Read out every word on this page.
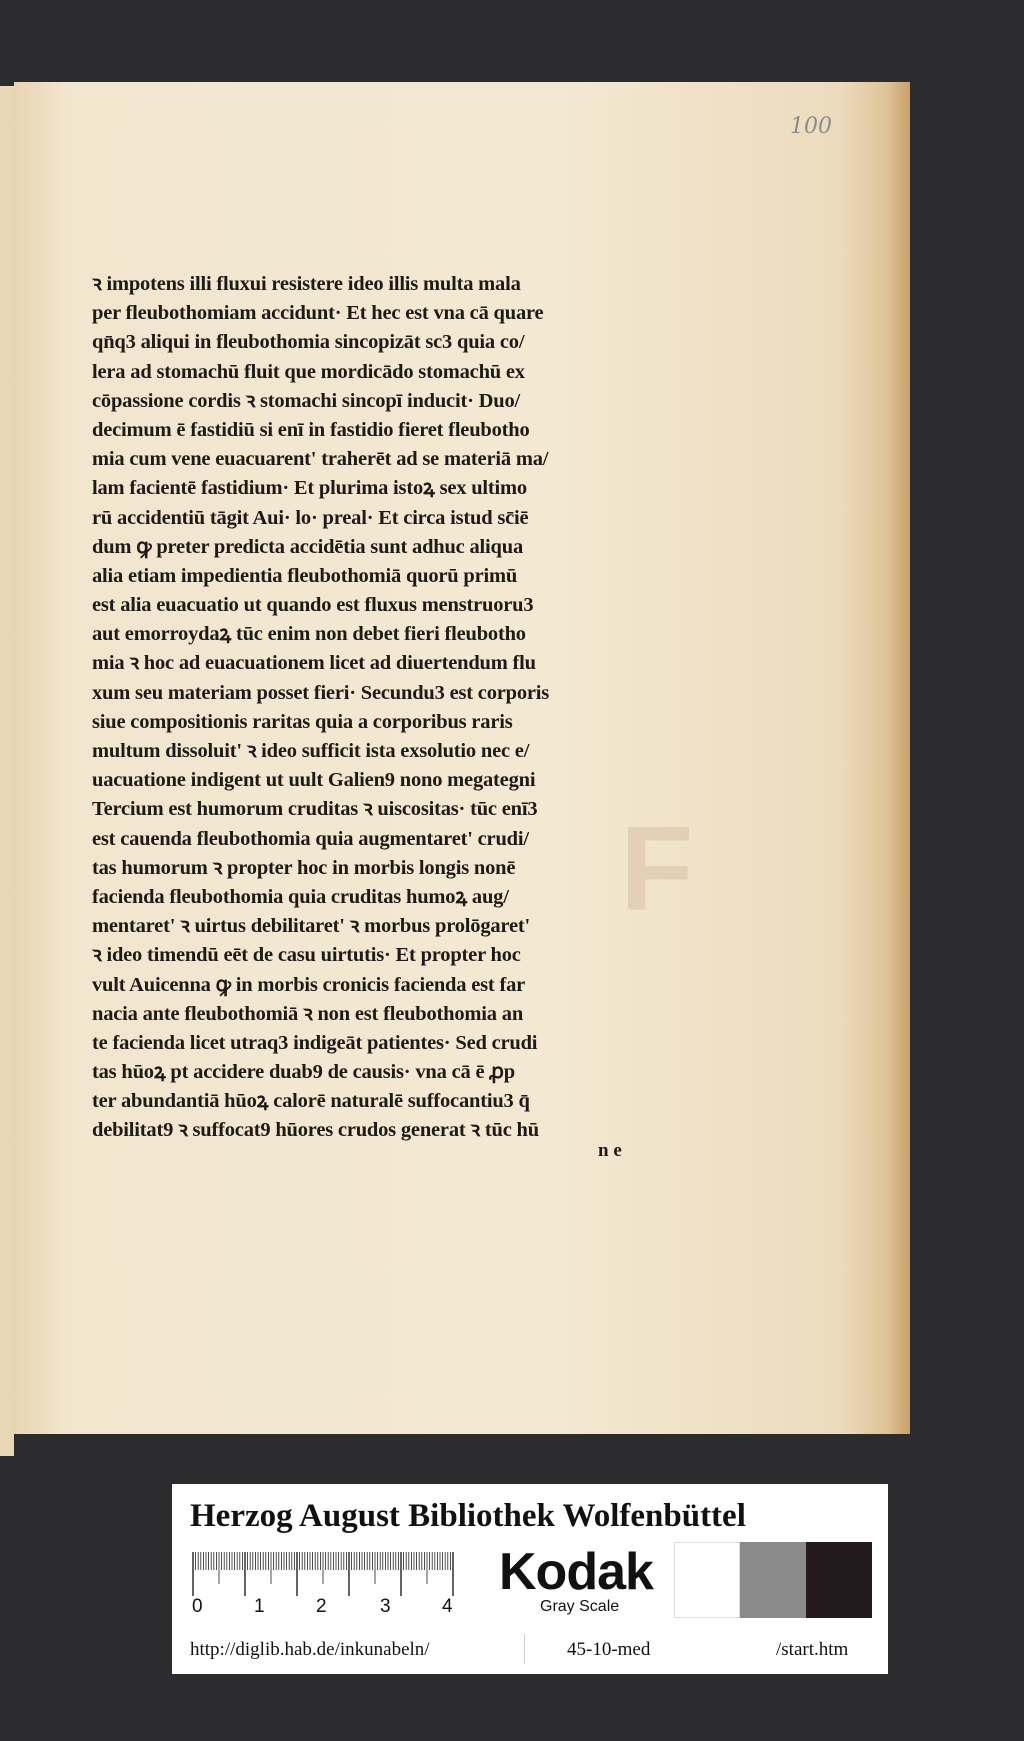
100
F
ꝛ impotens illi fluxui resistere ideo illis multa mala
per fleubothomiam accidunt· Et hec est vna cā quare
qn̄q3 aliqui in fleubothomia sincopizāt sc3 quia co/
lera ad stomachū fluit que mordicādo stomachū ex
cōpassione cordis ꝛ stomachi sincopī inducit· Duo/
decimum ē fastidiū si enī in fastidio fieret fleubotho
mia cum vene euacuarent' traherēt ad se materiā ma/
lam facientē fastidium· Et plurima istoꝝ sex ultimo
rū accidentiū tāgit Aui· lo· preal· Et circa istud sc̄iē
dum ꝙ preter predicta accidētia sunt adhuc aliqua
alia etiam impedientia fleubothomiā quorū primū
est alia euacuatio ut quando est fluxus menstruoru3
aut emorroydaꝝ tūc enim non debet fieri fleubotho
mia ꝛ hoc ad euacuationem licet ad diuertendum flu
xum seu materiam posset fieri· Secundu3 est corporis
siue compositionis raritas quia a corporibus raris
multum dissoluit' ꝛ ideo sufficit ista exsolutio nec e/
uacuatione indigent ut uult Galien9 nono megategni
Tercium est humorum cruditas ꝛ uiscositas· tūc enī3
est cauenda fleubothomia quia augmentaret' crudi/
tas humorum ꝛ propter hoc in morbis longis nonē
facienda fleubothomia quia cruditas humoꝝ aug/
mentaret' ꝛ uirtus debilitaret' ꝛ morbus prolōgaret'
ꝛ ideo timendū eēt de casu uirtutis· Et propter hoc
vult Auicenna ꝙ in morbis cronicis facienda est far
nacia ante fleubothomiā ꝛ non est fleubothomia an
te facienda licet utraq3 indigeāt patientes· Sed crudi
tas hūoꝝ pt accidere duab9 de causis· vna cā ē ꝓp
ter abundantiā hūoꝝ calorē naturalē suffocantiu3 q̄
debilitat9 ꝛ suffocat9 hūores crudos generat ꝛ tūc hū
n e
Herzog August Bibliothek Wolfenbüttel
0	1	2	3	4
Kodak
Gray Scale
http://diglib.hab.de/inkunabeln/	45-10-med	/start.htm
